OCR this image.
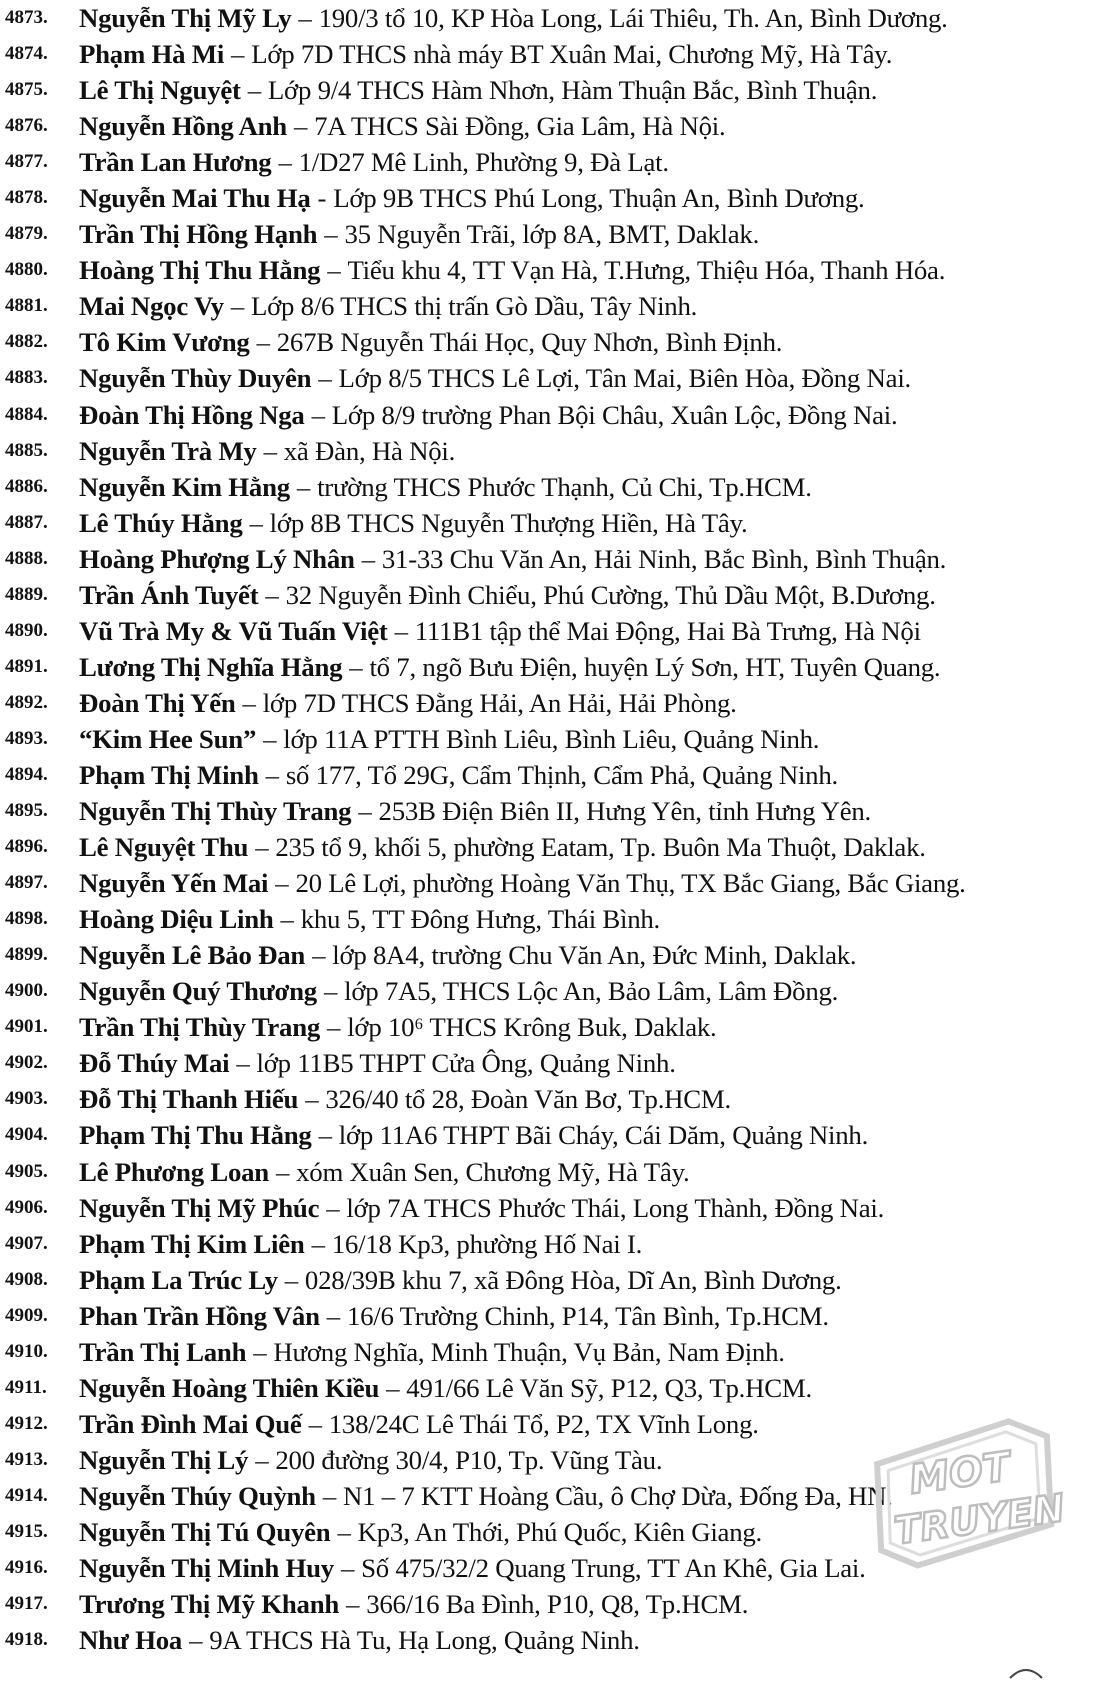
4873.	Nguyễn Thị Mỹ Ly – 190/3 tổ 10, KP Hòa Long, Lái Thiêu, Th. An, Bình Dương.
4874.	Phạm Hà Mi – Lớp 7D THCS nhà máy BT Xuân Mai, Chương Mỹ, Hà Tây.
4875.	Lê Thị Nguyệt – Lớp 9/4 THCS Hàm Nhơn, Hàm Thuận Bắc, Bình Thuận.
4876.	Nguyễn Hồng Anh – 7A THCS Sài Đồng, Gia Lâm, Hà Nội.
4877.	Trần Lan Hương – 1/D27 Mê Linh, Phường 9, Đà Lạt.
4878.	Nguyễn Mai Thu Hạ - Lớp 9B THCS Phú Long, Thuận An, Bình Dương.
4879.	Trần Thị Hồng Hạnh – 35 Nguyễn Trãi, lớp 8A, BMT, Daklak.
4880.	Hoàng Thị Thu Hằng – Tiểu khu 4, TT Vạn Hà, T.Hưng, Thiệu Hóa, Thanh Hóa.
4881.	Mai Ngọc Vy – Lớp 8/6 THCS thị trấn Gò Dầu, Tây Ninh.
4882.	Tô Kim Vương – 267B Nguyễn Thái Học, Quy Nhơn, Bình Định.
4883.	Nguyễn Thùy Duyên – Lớp 8/5 THCS Lê Lợi, Tân Mai, Biên Hòa, Đồng Nai.
4884.	Đoàn Thị Hồng Nga – Lớp 8/9 trường Phan Bội Châu, Xuân Lộc, Đồng Nai.
4885.	Nguyễn Trà My – xã Đàn, Hà Nội.
4886.	Nguyễn Kim Hằng – trường THCS Phước Thạnh, Củ Chi, Tp.HCM.
4887.	Lê Thúy Hằng – lớp 8B THCS Nguyễn Thượng Hiền, Hà Tây.
4888.	Hoàng Phượng Lý Nhân – 31-33 Chu Văn An, Hải Ninh, Bắc Bình, Bình Thuận.
4889.	Trần Ánh Tuyết – 32 Nguyễn Đình Chiểu, Phú Cường, Thủ Dầu Một, B.Dương.
4890.	Vũ Trà My & Vũ Tuấn Việt – 111B1 tập thể Mai Động, Hai Bà Trưng, Hà Nội
4891.	Lương Thị Nghĩa Hằng – tổ 7, ngõ Bưu Điện, huyện Lý Sơn, HT, Tuyên Quang.
4892.	Đoàn Thị Yến – lớp 7D THCS Đằng Hải, An Hải, Hải Phòng.
4893.	“Kim Hee Sun” – lớp 11A PTTH Bình Liêu, Bình Liêu, Quảng Ninh.
4894.	Phạm Thị Minh – số 177, Tổ 29G, Cẩm Thịnh, Cẩm Phả, Quảng Ninh.
4895.	Nguyễn Thị Thùy Trang – 253B Điện Biên II, Hưng Yên, tỉnh Hưng Yên.
4896.	Lê Nguyệt Thu – 235 tổ 9, khối 5, phường Eatam, Tp. Buôn Ma Thuột, Daklak.
4897.	Nguyễn Yến Mai – 20 Lê Lợi, phường Hoàng Văn Thụ, TX Bắc Giang, Bắc Giang.
4898.	Hoàng Diệu Linh – khu 5, TT Đông Hưng, Thái Bình.
4899.	Nguyễn Lê Bảo Đan – lớp 8A4, trường Chu Văn An, Đức Minh, Daklak.
4900.	Nguyễn Quý Thương – lớp 7A5, THCS Lộc An, Bảo Lâm, Lâm Đồng.
4901.	Trần Thị Thùy Trang – lớp 10⁶ THCS Krông Buk, Daklak.
4902.	Đỗ Thúy Mai – lớp 11B5 THPT Cửa Ông, Quảng Ninh.
4903.	Đỗ Thị Thanh Hiếu – 326/40 tổ 28, Đoàn Văn Bơ, Tp.HCM.
4904.	Phạm Thị Thu Hằng – lớp 11A6 THPT Bãi Cháy, Cái Dăm, Quảng Ninh.
4905.	Lê Phương Loan – xóm Xuân Sen, Chương Mỹ, Hà Tây.
4906.	Nguyễn Thị Mỹ Phúc – lớp 7A THCS Phước Thái, Long Thành, Đồng Nai.
4907.	Phạm Thị Kim Liên – 16/18 Kp3, phường Hố Nai I.
4908.	Phạm La Trúc Ly – 028/39B khu 7, xã Đông Hòa, Dĩ An, Bình Dương.
4909.	Phan Trần Hồng Vân – 16/6 Trường Chinh, P14, Tân Bình, Tp.HCM.
4910.	Trần Thị Lanh – Hương Nghĩa, Minh Thuận, Vụ Bản, Nam Định.
4911.	Nguyễn Hoàng Thiên Kiều – 491/66 Lê Văn Sỹ, P12, Q3, Tp.HCM.
4912.	Trần Đình Mai Quế – 138/24C Lê Thái Tổ, P2, TX Vĩnh Long.
4913.	Nguyễn Thị Lý – 200 đường 30/4, P10, Tp. Vũng Tàu.
4914.	Nguyễn Thúy Quỳnh – N1 – 7 KTT Hoàng Cầu, ô Chợ Dừa, Đống Đa, HN.
4915.	Nguyễn Thị Tú Quyên – Kp3, An Thới, Phú Quốc, Kiên Giang.
4916.	Nguyễn Thị Minh Huy – Số 475/32/2 Quang Trung, TT An Khê, Gia Lai.
4917.	Trương Thị Mỹ Khanh – 366/16 Ba Đình, P10, Q8, Tp.HCM.
4918.	Như Hoa – 9A THCS Hà Tu, Hạ Long, Quảng Ninh.
MOT
TRUYEN
